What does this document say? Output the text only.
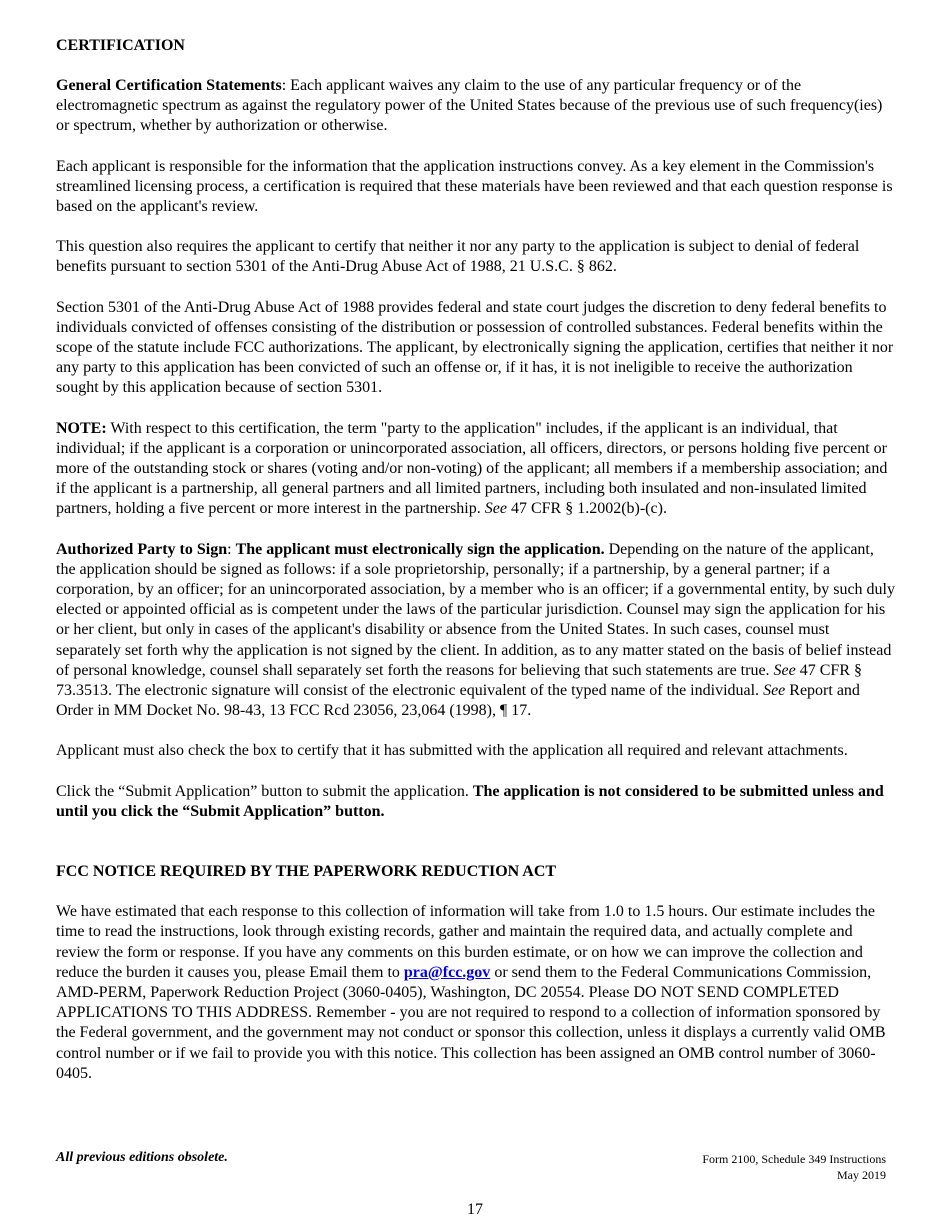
CERTIFICATION

General Certification Statements: Each applicant waives any claim to the use of any particular frequency or of the electromagnetic spectrum as against the regulatory power of the United States because of the previous use of such frequency(ies) or spectrum, whether by authorization or otherwise.

Each applicant is responsible for the information that the application instructions convey. As a key element in the Commission's streamlined licensing process, a certification is required that these materials have been reviewed and that each question response is based on the applicant's review.

This question also requires the applicant to certify that neither it nor any party to the application is subject to denial of federal benefits pursuant to section 5301 of the Anti-Drug Abuse Act of 1988, 21 U.S.C. § 862.

Section 5301 of the Anti-Drug Abuse Act of 1988 provides federal and state court judges the discretion to deny federal benefits to individuals convicted of offenses consisting of the distribution or possession of controlled substances. Federal benefits within the scope of the statute include FCC authorizations. The applicant, by electronically signing the application, certifies that neither it nor any party to this application has been convicted of such an offense or, if it has, it is not ineligible to receive the authorization sought by this application because of section 5301.

NOTE: With respect to this certification, the term "party to the application" includes, if the applicant is an individual, that individual; if the applicant is a corporation or unincorporated association, all officers, directors, or persons holding five percent or more of the outstanding stock or shares (voting and/or non-voting) of the applicant; all members if a membership association; and if the applicant is a partnership, all general partners and all limited partners, including both insulated and non-insulated limited partners, holding a five percent or more interest in the partnership. See 47 CFR § 1.2002(b)-(c).

Authorized Party to Sign: The applicant must electronically sign the application. Depending on the nature of the applicant, the application should be signed as follows: if a sole proprietorship, personally; if a partnership, by a general partner; if a corporation, by an officer; for an unincorporated association, by a member who is an officer; if a governmental entity, by such duly elected or appointed official as is competent under the laws of the particular jurisdiction. Counsel may sign the application for his or her client, but only in cases of the applicant's disability or absence from the United States. In such cases, counsel must separately set forth why the application is not signed by the client. In addition, as to any matter stated on the basis of belief instead of personal knowledge, counsel shall separately set forth the reasons for believing that such statements are true. See 47 CFR § 73.3513. The electronic signature will consist of the electronic equivalent of the typed name of the individual. See Report and Order in MM Docket No. 98-43, 13 FCC Rcd 23056, 23,064 (1998), ¶ 17.

Applicant must also check the box to certify that it has submitted with the application all required and relevant attachments.

Click the “Submit Application” button to submit the application. The application is not considered to be submitted unless and until you click the “Submit Application” button.

FCC NOTICE REQUIRED BY THE PAPERWORK REDUCTION ACT

We have estimated that each response to this collection of information will take from 1.0 to 1.5 hours. Our estimate includes the time to read the instructions, look through existing records, gather and maintain the required data, and actually complete and review the form or response. If you have any comments on this burden estimate, or on how we can improve the collection and reduce the burden it causes you, please Email them to pra@fcc.gov or send them to the Federal Communications Commission, AMD-PERM, Paperwork Reduction Project (3060-0405), Washington, DC 20554. Please DO NOT SEND COMPLETED APPLICATIONS TO THIS ADDRESS. Remember - you are not required to respond to a collection of information sponsored by the Federal government, and the government may not conduct or sponsor this collection, unless it displays a currently valid OMB control number or if we fail to provide you with this notice. This collection has been assigned an OMB control number of 3060-0405.

All previous editions obsolete.	Form 2100, Schedule 349 Instructions
May 2019
17
